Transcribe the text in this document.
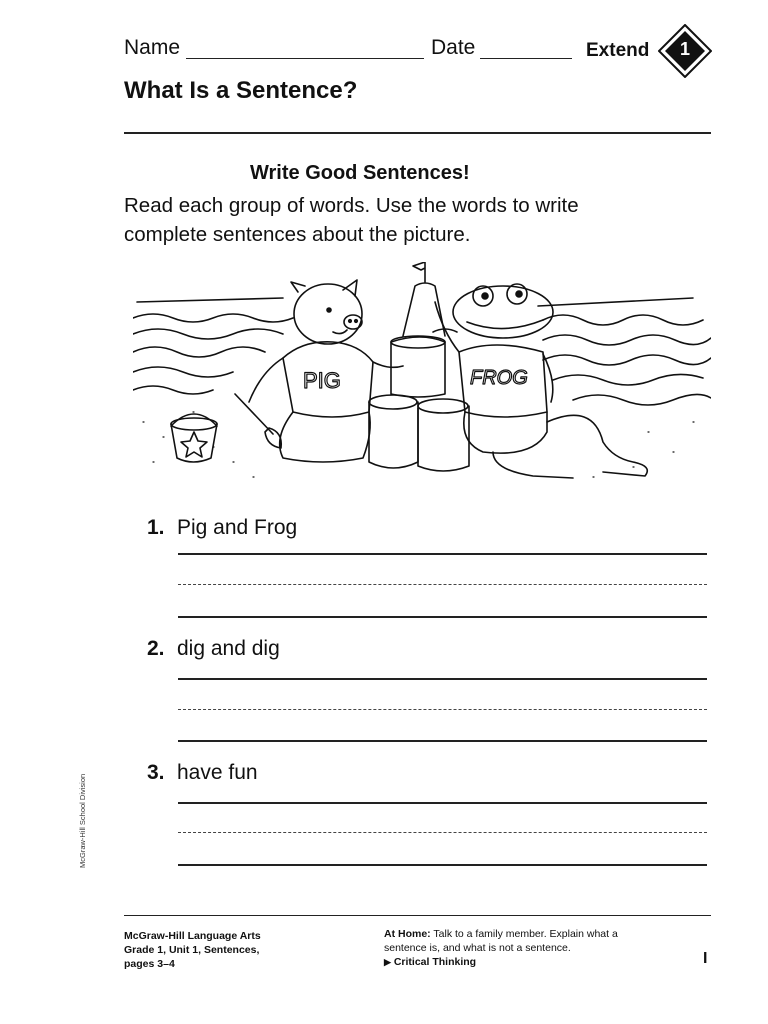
Name	Date	Extend	1
What Is a Sentence?
Write Good Sentences!
Read each group of words. Use the words to write
complete sentences about the picture.
PIG	FROG
1. Pig and Frog
2. dig and dig
3. have fun
McGraw-Hill School Division
McGraw-Hill Language Arts
Grade 1, Unit 1, Sentences,
pages 3–4
At Home: Talk to a family member. Explain what a
sentence is, and what is not a sentence.
▶ Critical Thinking	I
